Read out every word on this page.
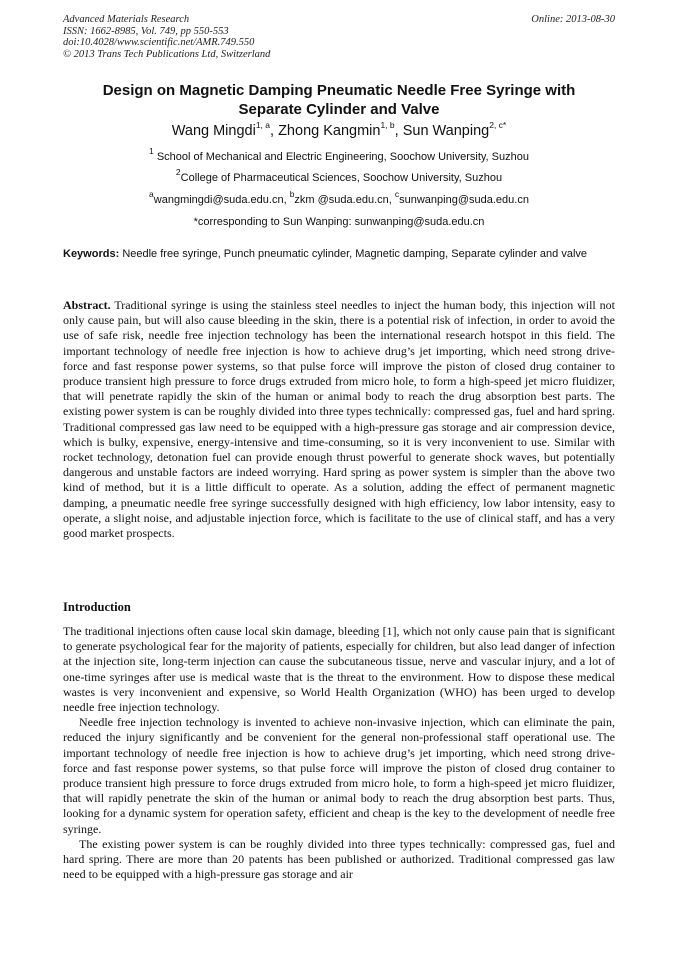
Advanced Materials Research
ISSN: 1662-8985, Vol. 749, pp 550-553
doi:10.4028/www.scientific.net/AMR.749.550
© 2013 Trans Tech Publications Ltd, Switzerland
Online: 2013-08-30
Design on Magnetic Damping Pneumatic Needle Free Syringe with
Separate Cylinder and Valve
Wang Mingdi$^{1, a}$, Zhong Kangmin$^{1, b}$, Sun Wanping$^{2, c*}$
$^1$ School of Mechanical and Electric Engineering, Soochow University, Suzhou
$^2$College of Pharmaceutical Sciences, Soochow University, Suzhou
$^a$wangmingdi@suda.edu.cn, $^b$zkm @suda.edu.cn, $^c$sunwanping@suda.edu.cn
*corresponding to Sun Wanping: sunwanping@suda.edu.cn
Keywords: Needle free syringe, Punch pneumatic cylinder, Magnetic damping, Separate cylinder and valve
Abstract. Traditional syringe is using the stainless steel needles to inject the human body, this injection will not only cause pain, but will also cause bleeding in the skin, there is a potential risk of infection, in order to avoid the use of safe risk, needle free injection technology has been the international research hotspot in this field. The important technology of needle free injection is how to achieve drug’s jet importing, which need strong drive-force and fast response power systems, so that pulse force will improve the piston of closed drug container to produce transient high pressure to force drugs extruded from micro hole, to form a high-speed jet micro fluidizer, that will penetrate rapidly the skin of the human or animal body to reach the drug absorption best parts. The existing power system is can be roughly divided into three types technically: compressed gas, fuel and hard spring. Traditional compressed gas law need to be equipped with a high-pressure gas storage and air compression device, which is bulky, expensive, energy-intensive and time-consuming, so it is very inconvenient to use. Similar with rocket technology, detonation fuel can provide enough thrust powerful to generate shock waves, but potentially dangerous and unstable factors are indeed worrying. Hard spring as power system is simpler than the above two kind of method, but it is a little difficult to operate. As a solution, adding the effect of permanent magnetic damping, a pneumatic needle free syringe successfully designed with high efficiency, low labor intensity, easy to operate, a slight noise, and adjustable injection force, which is facilitate to the use of clinical staff, and has a very good market prospects.
Introduction

The traditional injections often cause local skin damage, bleeding [1], which not only cause pain that is significant to generate psychological fear for the majority of patients, especially for children, but also lead danger of infection at the injection site, long-term injection can cause the subcutaneous tissue, nerve and vascular injury, and a lot of one-time syringes after use is medical waste that is the threat to the environment. How to dispose these medical wastes is very inconvenient and expensive, so World Health Organization (WHO) has been urged to develop needle free injection technology.

Needle free injection technology is invented to achieve non-invasive injection, which can eliminate the pain, reduced the injury significantly and be convenient for the general non-professional staff operational use. The important technology of needle free injection is how to achieve drug’s jet importing, which need strong drive-force and fast response power systems, so that pulse force will improve the piston of closed drug container to produce transient high pressure to force drugs extruded from micro hole, to form a high-speed jet micro fluidizer, that will rapidly penetrate the skin of the human or animal body to reach the drug absorption best parts. Thus, looking for a dynamic system for operation safety, efficient and cheap is the key to the development of needle free syringe.

The existing power system is can be roughly divided into three types technically: compressed gas, fuel and hard spring. There are more than 20 patents has been published or authorized. Traditional compressed gas law need to be equipped with a high-pressure gas storage and air
